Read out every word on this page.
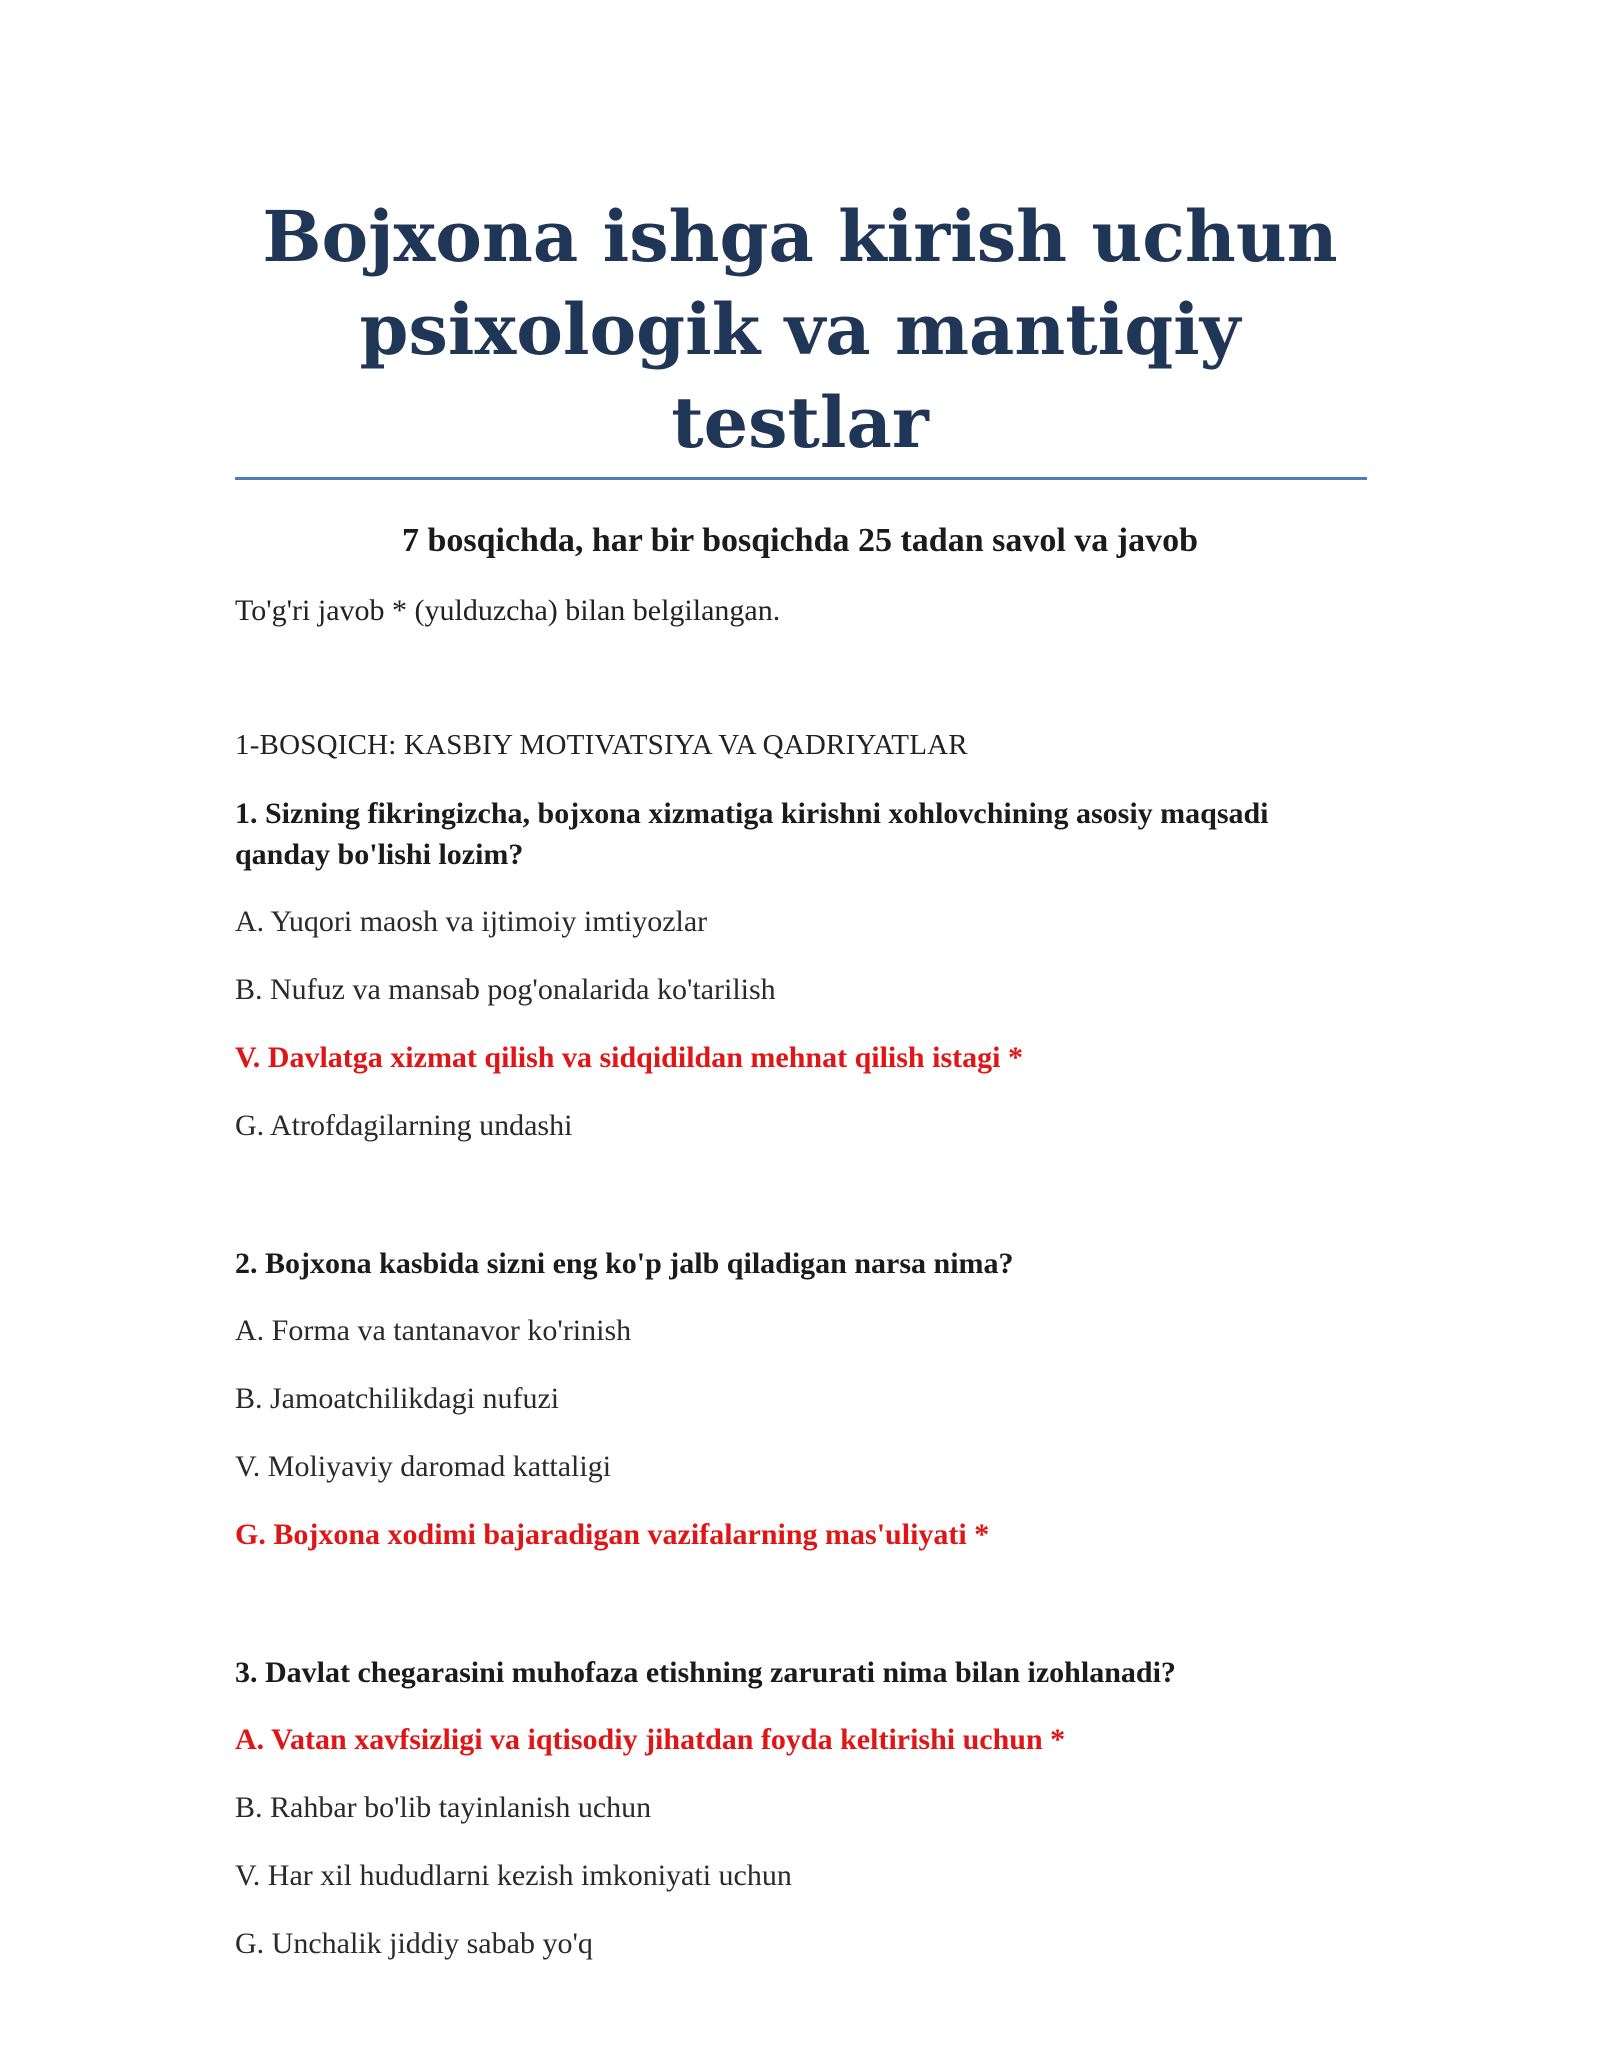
Bojxona ishga kirish uchun
psixologik va mantiqiy testlar

7 bosqichda, har bir bosqichda 25 tadan savol va javob

To'g'ri javob * (yulduzcha) bilan belgilangan.

1-BOSQICH: KASBIY MOTIVATSIYA VA QADRIYATLAR

1. Sizning fikringizcha, bojxona xizmatiga kirishni xohlovchining asosiy maqsadi qanday bo'lishi lozim?

A. Yuqori maosh va ijtimoiy imtiyozlar

B. Nufuz va mansab pog'onalarida ko'tarilish

V. Davlatga xizmat qilish va sidqidildan mehnat qilish istagi *

G. Atrofdagilarning undashi

2. Bojxona kasbida sizni eng ko'p jalb qiladigan narsa nima?

A. Forma va tantanavor ko'rinish

B. Jamoatchilikdagi nufuzi

V. Moliyaviy daromad kattaligi

G. Bojxona xodimi bajaradigan vazifalarning mas'uliyati *

3. Davlat chegarasini muhofaza etishning zarurati nima bilan izohlanadi?

A. Vatan xavfsizligi va iqtisodiy jihatdan foyda keltirishi uchun *

B. Rahbar bo'lib tayinlanish uchun

V. Har xil hududlarni kezish imkoniyati uchun

G. Unchalik jiddiy sabab yo'q
